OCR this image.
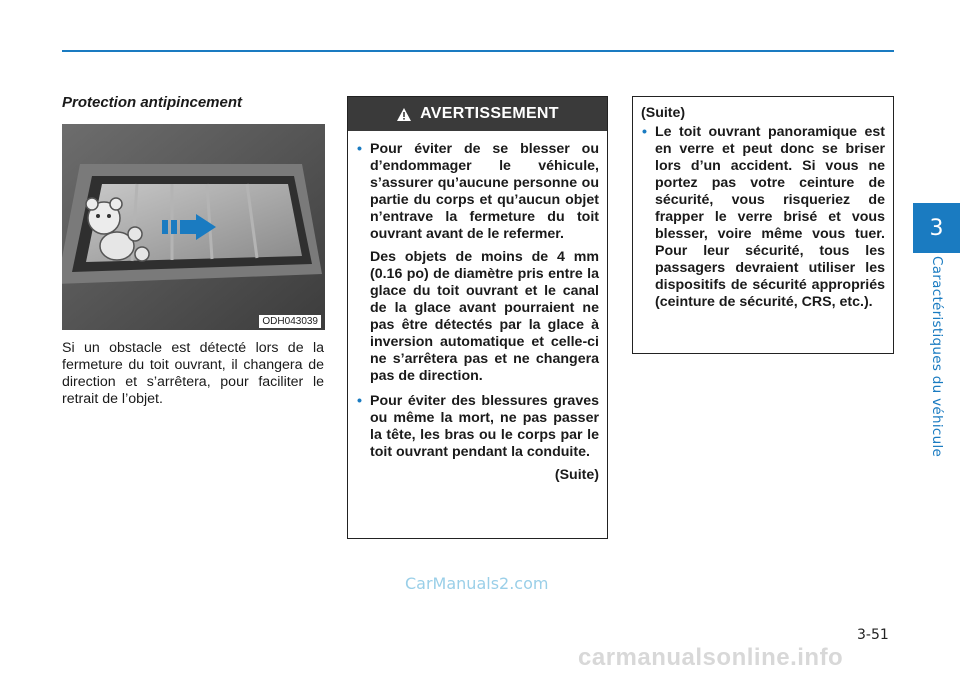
3
Caractéristiques du véhicule
Protection antipincement
ODH043039
Si un obstacle est détecté lors de la fermeture du toit ouvrant, il changera de direction et s’arrêtera, pour faciliter le retrait de l’objet.
AVERTISSEMENT
• Pour éviter de se blesser ou d’endommager le véhicule, s’assurer qu’aucune personne ou partie du corps et qu’aucun objet n’entrave la fermeture du toit ouvrant avant de le refermer.
Des objets de moins de 4 mm (0.16 po) de diamètre pris entre la glace du toit ouvrant et le canal de la glace avant pourraient ne pas être détectés par la glace à inversion automatique et celle-ci ne s’arrêtera pas et ne changera pas de direction.
• Pour éviter des blessures graves ou même la mort, ne pas passer la tête, les bras ou le corps par le toit ouvrant pendant la conduite.
(Suite)
(Suite)
• Le toit ouvrant panoramique est en verre et peut donc se briser lors d’un accident. Si vous ne portez pas votre ceinture de sécurité, vous risqueriez de frapper le verre brisé et vous blesser, voire même vous tuer. Pour leur sécurité, tous les passagers devraient utiliser les dispositifs de sécurité appropriés (ceinture de sécurité, CRS, etc.).
CarManuals2.com
3-51
carmanualsonline.info
